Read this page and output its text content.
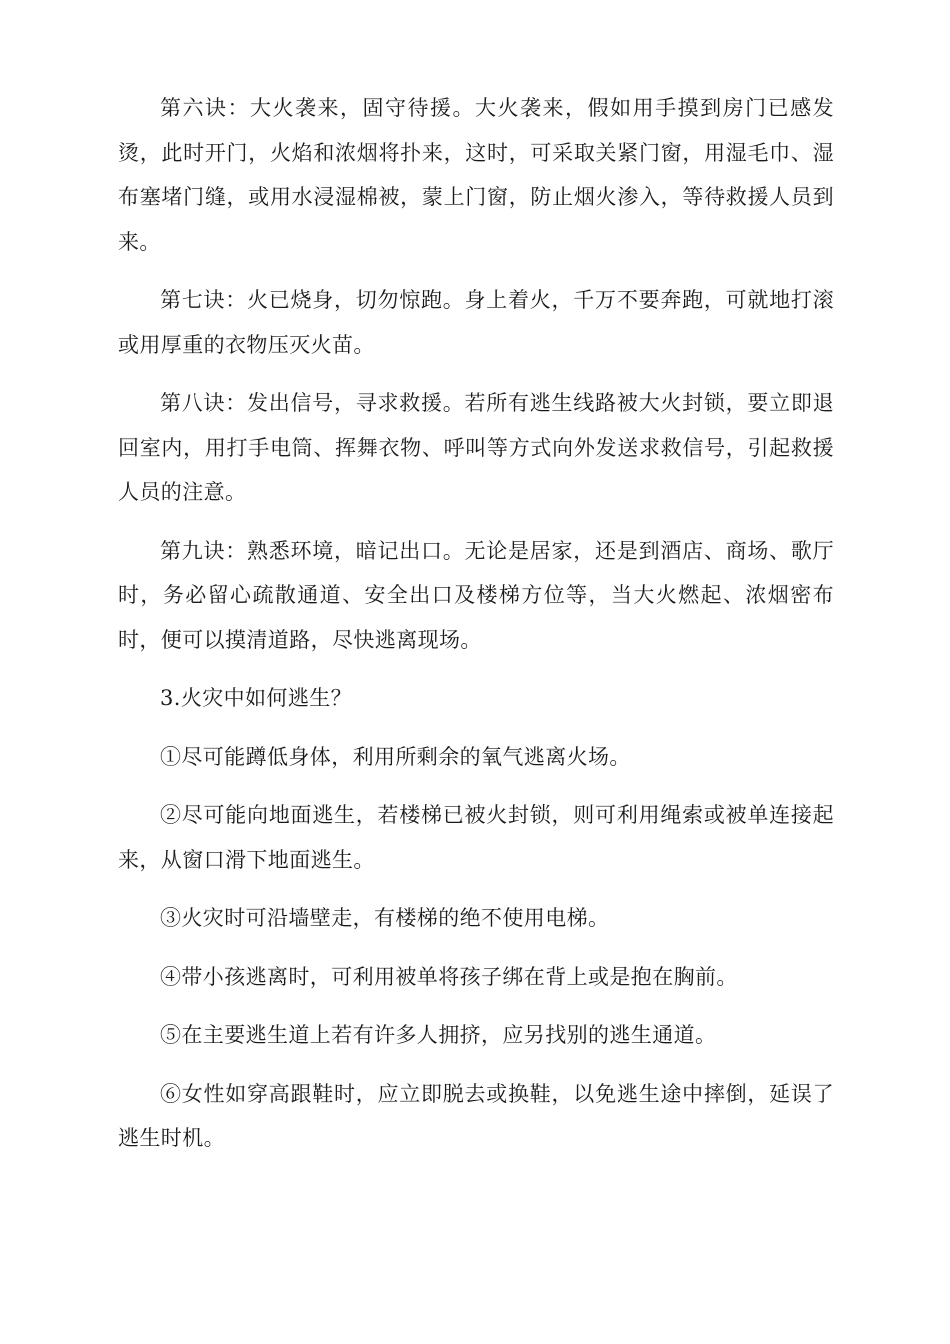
第六诀：大火袭来，固守待援。大火袭来，假如用手摸到房门已感发烫，此时开门，火焰和浓烟将扑来，这时，可采取关紧门窗，用湿毛巾、湿布塞堵门缝，或用水浸湿棉被，蒙上门窗，防止烟火渗入，等待救援人员到来。

第七诀：火已烧身，切勿惊跑。身上着火，千万不要奔跑，可就地打滚或用厚重的衣物压灭火苗。

第八诀：发出信号，寻求救援。若所有逃生线路被大火封锁，要立即退回室内，用打手电筒、挥舞衣物、呼叫等方式向外发送求救信号，引起救援人员的注意。

第九诀：熟悉环境，暗记出口。无论是居家，还是到酒店、商场、歌厅时，务必留心疏散通道、安全出口及楼梯方位等，当大火燃起、浓烟密布时，便可以摸清道路，尽快逃离现场。

3.火灾中如何逃生？

①尽可能蹲低身体，利用所剩余的氧气逃离火场。

②尽可能向地面逃生，若楼梯已被火封锁，则可利用绳索或被单连接起来，从窗口滑下地面逃生。

③火灾时可沿墙壁走，有楼梯的绝不使用电梯。

④带小孩逃离时，可利用被单将孩子绑在背上或是抱在胸前。

⑤在主要逃生道上若有许多人拥挤，应另找别的逃生通道。

⑥女性如穿高跟鞋时，应立即脱去或换鞋，以免逃生途中摔倒，延误了逃生时机。
